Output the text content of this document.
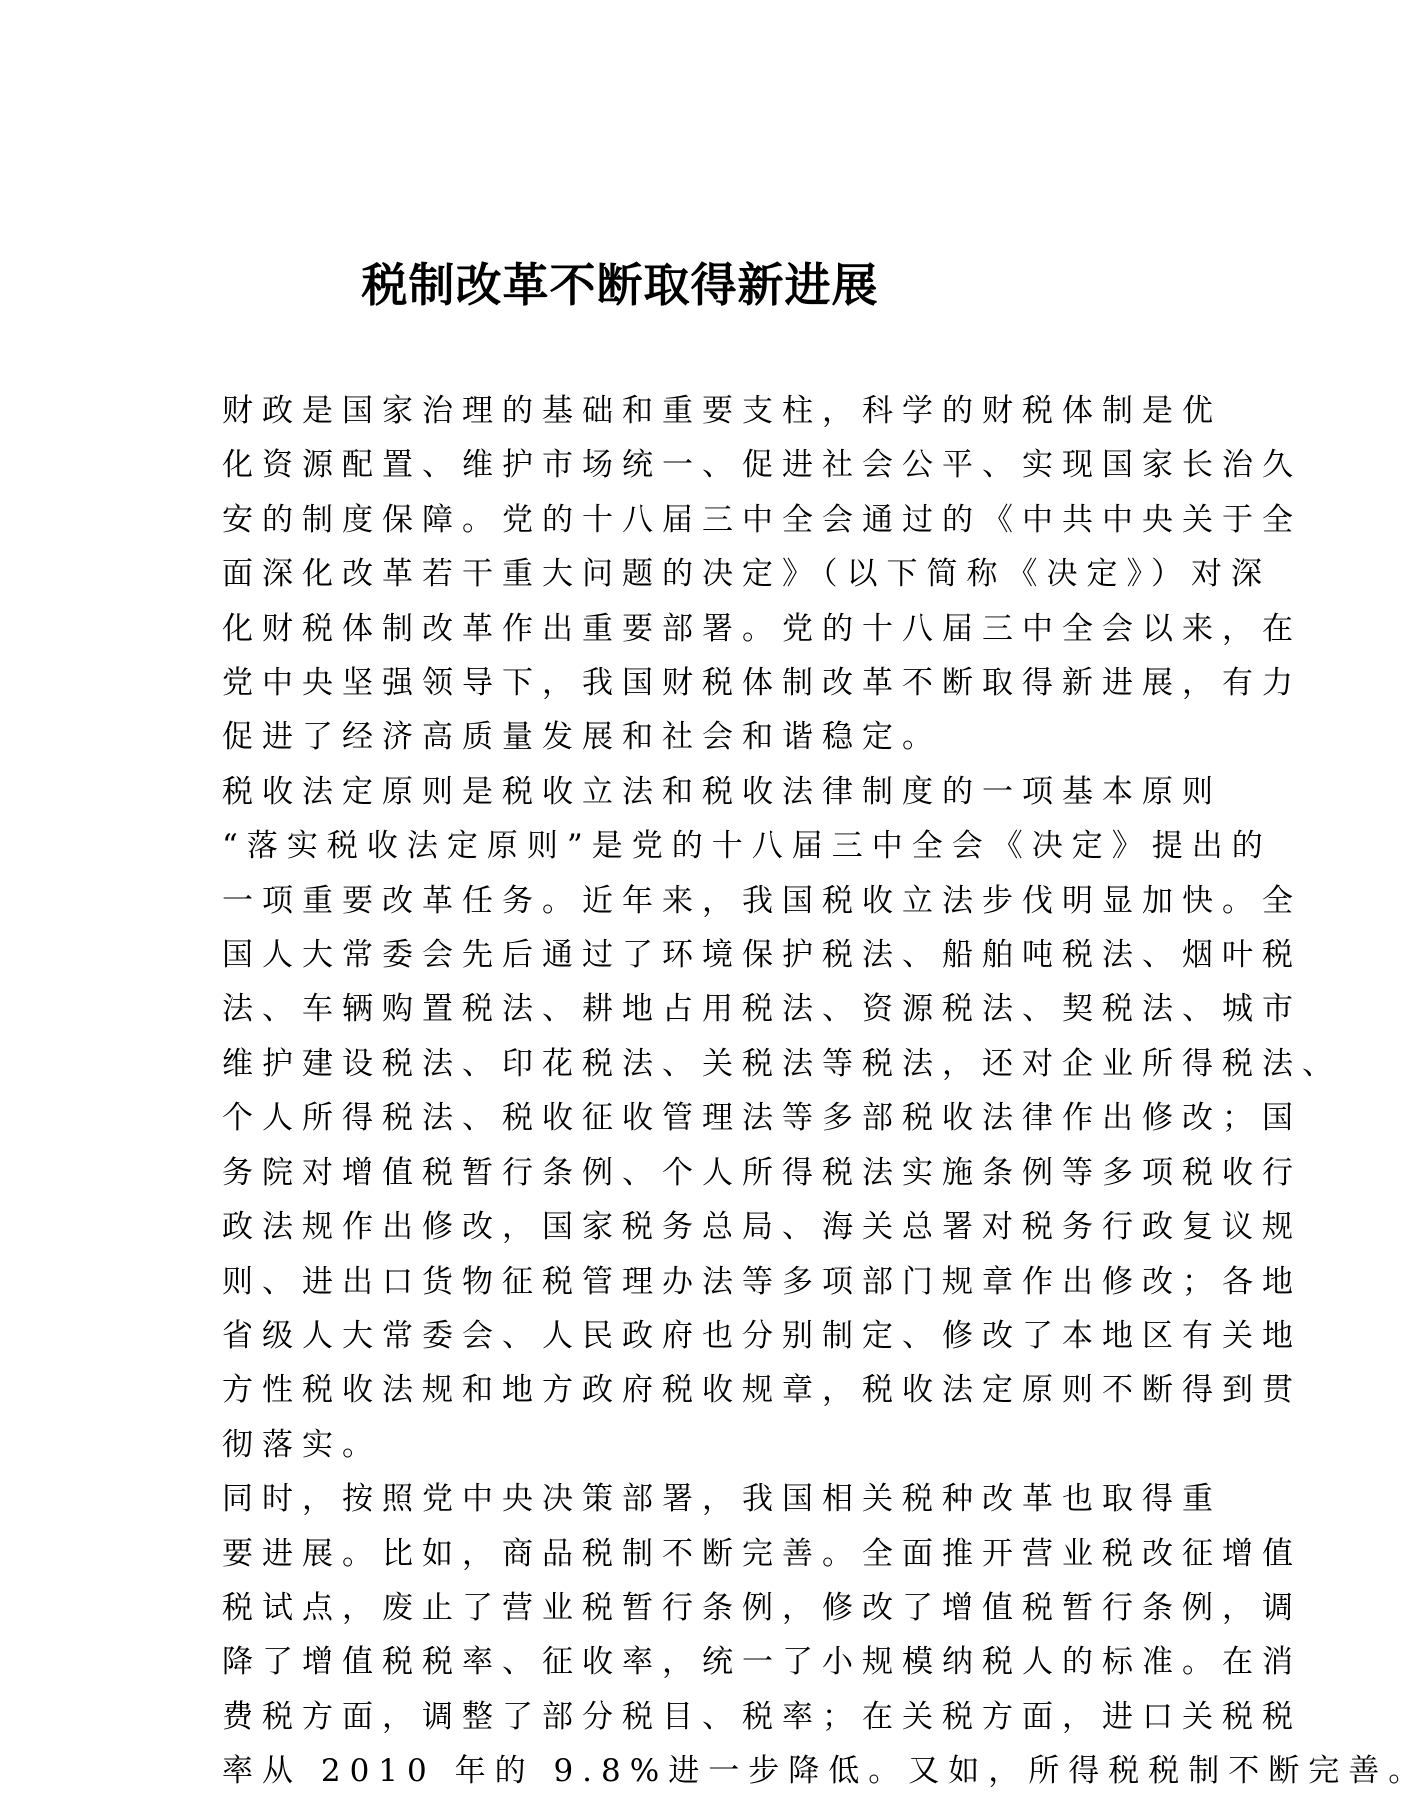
税制改革不断取得新进展

财政是国家治理的基础和重要支柱，科学的财税体制是优
化资源配置、维护市场统一、促进社会公平、实现国家长治久
安的制度保障。党的十八届三中全会通过的《中共中央关于全
面深化改革若干重大问题的决定》（以下简称《决定》）对深
化财税体制改革作出重要部署。党的十八届三中全会以来，在
党中央坚强领导下，我国财税体制改革不断取得新进展，有力
促进了经济高质量发展和社会和谐稳定。

税收法定原则是税收立法和税收法律制度的一项基本原则
“落实税收法定原则”是党的十八届三中全会《决定》提出的
一项重要改革任务。近年来，我国税收立法步伐明显加快。全
国人大常委会先后通过了环境保护税法、船舶吨税法、烟叶税
法、车辆购置税法、耕地占用税法、资源税法、契税法、城市
维护建设税法、印花税法、关税法等税法，还对企业所得税法、
个人所得税法、税收征收管理法等多部税收法律作出修改；国
务院对增值税暂行条例、个人所得税法实施条例等多项税收行
政法规作出修改，国家税务总局、海关总署对税务行政复议规
则、进出口货物征税管理办法等多项部门规章作出修改；各地
省级人大常委会、人民政府也分别制定、修改了本地区有关地
方性税收法规和地方政府税收规章，税收法定原则不断得到贯
彻落实。

同时，按照党中央决策部署，我国相关税种改革也取得重
要进展。比如，商品税制不断完善。全面推开营业税改征增值
税试点，废止了营业税暂行条例，修改了增值税暂行条例，调
降了增值税税率、征收率，统一了小规模纳税人的标准。在消
费税方面，调整了部分税目、税率；在关税方面，进口关税税
率从 2010 年的 9.8%进一步降低。又如，所得税税制不断完善。
